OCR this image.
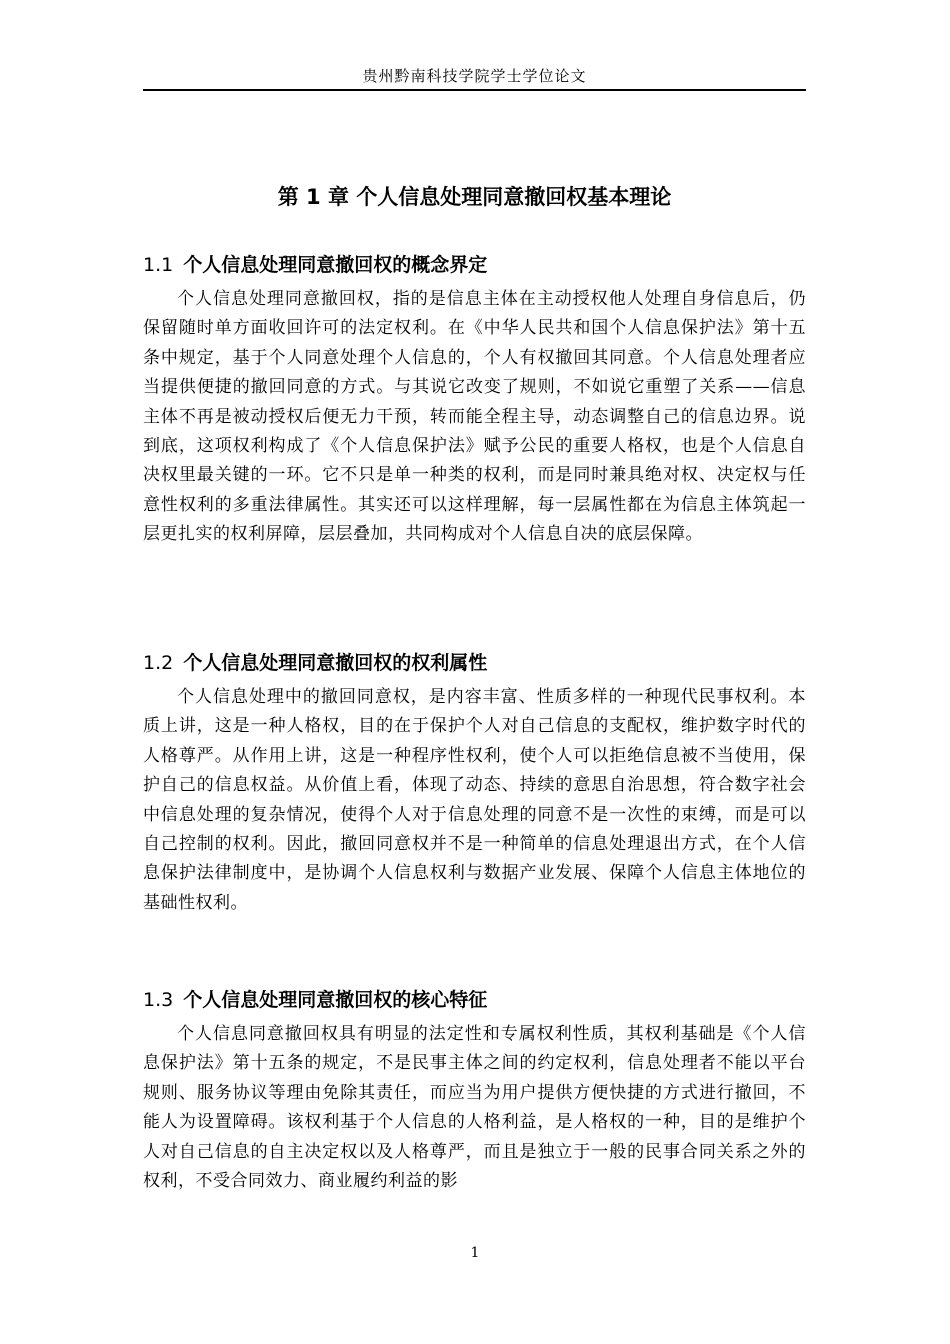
贵州黔南科技学院学士学位论文
第 1 章 个人信息处理同意撤回权基本理论
1.1 个人信息处理同意撤回权的概念界定

个人信息处理同意撤回权，指的是信息主体在主动授权他人处理自身信息后，仍保留随时单方面收回许可的法定权利。在《中华人民共和国个人信息保护法》第十五条中规定，基于个人同意处理个人信息的，个人有权撤回其同意。个人信息处理者应当提供便捷的撤回同意的方式。与其说它改变了规则，不如说它重塑了关系——信息主体不再是被动授权后便无力干预，转而能全程主导，动态调整自己的信息边界。说到底，这项权利构成了《个人信息保护法》赋予公民的重要人格权，也是个人信息自决权里最关键的一环。它不只是单一种类的权利，而是同时兼具绝对权、决定权与任意性权利的多重法律属性。其实还可以这样理解，每一层属性都在为信息主体筑起一层更扎实的权利屏障，层层叠加，共同构成对个人信息自决的底层保障。

1.2 个人信息处理同意撤回权的权利属性

个人信息处理中的撤回同意权，是内容丰富、性质多样的一种现代民事权利。本质上讲，这是一种人格权，目的在于保护个人对自己信息的支配权，维护数字时代的人格尊严。从作用上讲，这是一种程序性权利，使个人可以拒绝信息被不当使用，保护自己的信息权益。从价值上看，体现了动态、持续的意思自治思想，符合数字社会中信息处理的复杂情况，使得个人对于信息处理的同意不是一次性的束缚，而是可以自己控制的权利。因此，撤回同意权并不是一种简单的信息处理退出方式，在个人信息保护法律制度中，是协调个人信息权利与数据产业发展、保障个人信息主体地位的基础性权利。

1.3 个人信息处理同意撤回权的核心特征

个人信息同意撤回权具有明显的法定性和专属权利性质，其权利基础是《个人信息保护法》第十五条的规定，不是民事主体之间的约定权利，信息处理者不能以平台规则、服务协议等理由免除其责任，而应当为用户提供方便快捷的方式进行撤回，不能人为设置障碍。该权利基于个人信息的人格利益，是人格权的一种，目的是维护个人对自己信息的自主决定权以及人格尊严，而且是独立于一般的民事合同关系之外的权利，不受合同效力、商业履约利益的影

1
